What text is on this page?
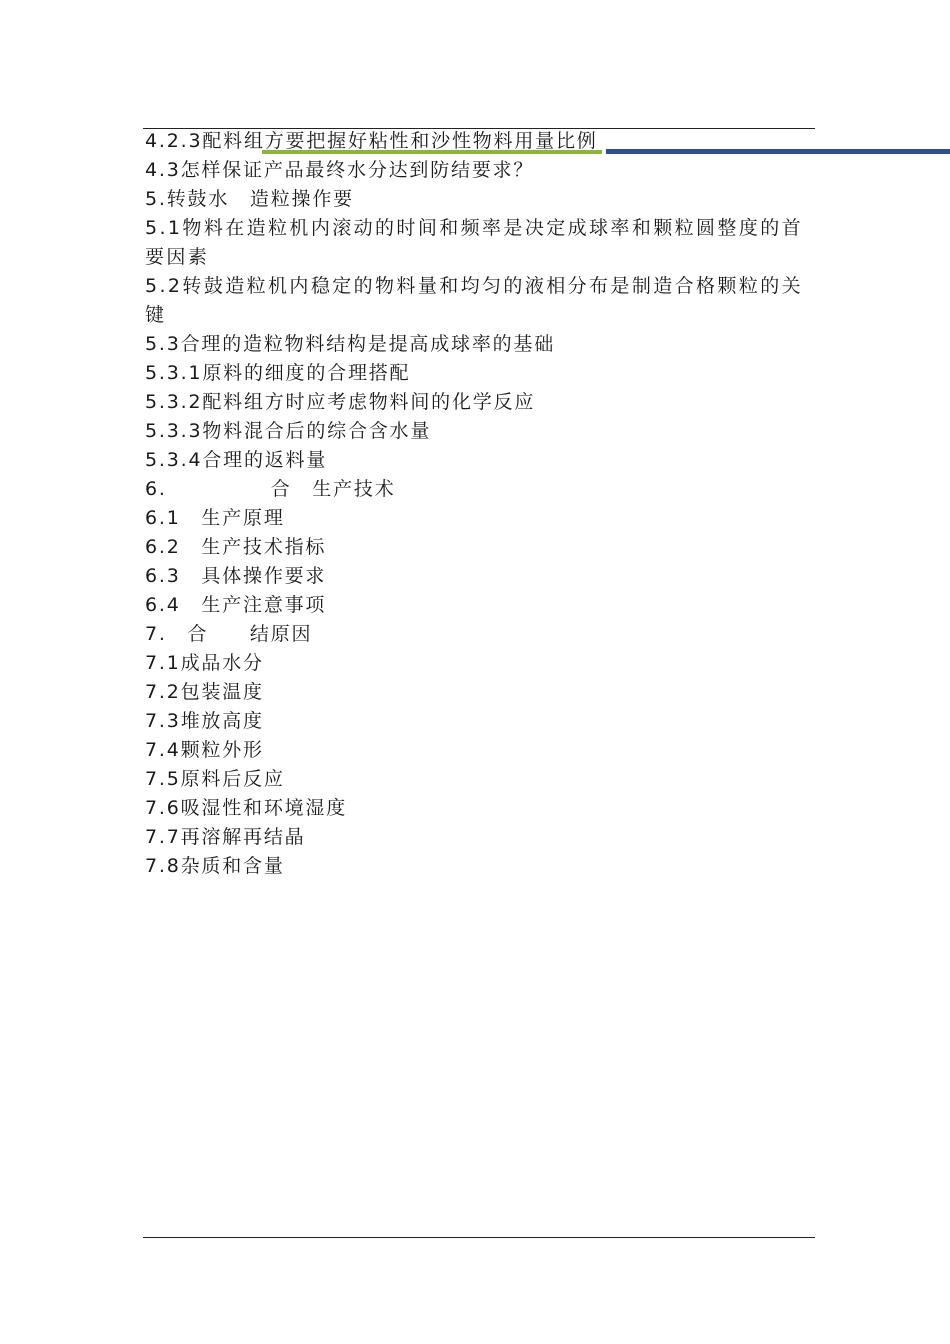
4.2.3配料组方要把握好粘性和沙性物料用量比例

4.3怎样保证产品最终水分达到防结要求？

5.转鼓水　造粒操作要

5.1物料在造粒机内滚动的时间和频率是决定成球率和颗粒圆整度的首要因素

5.2转鼓造粒机内稳定的物料量和均匀的液相分布是制造合格颗粒的关键

5.3合理的造粒物料结构是提高成球率的基础

5.3.1原料的细度的合理搭配

5.3.2配料组方时应考虑物料间的化学反应

5.3.3物料混合后的综合含水量

5.3.4合理的返料量

6.　　　　　合　生产技术

6.1　生产原理

6.2　生产技术指标

6.3　具体操作要求

6.4　生产注意事项

7.　合　　结原因

7.1成品水分

7.2包装温度

7.3堆放高度

7.4颗粒外形

7.5原料后反应

7.6吸湿性和环境湿度

7.7再溶解再结晶

7.8杂质和含量
